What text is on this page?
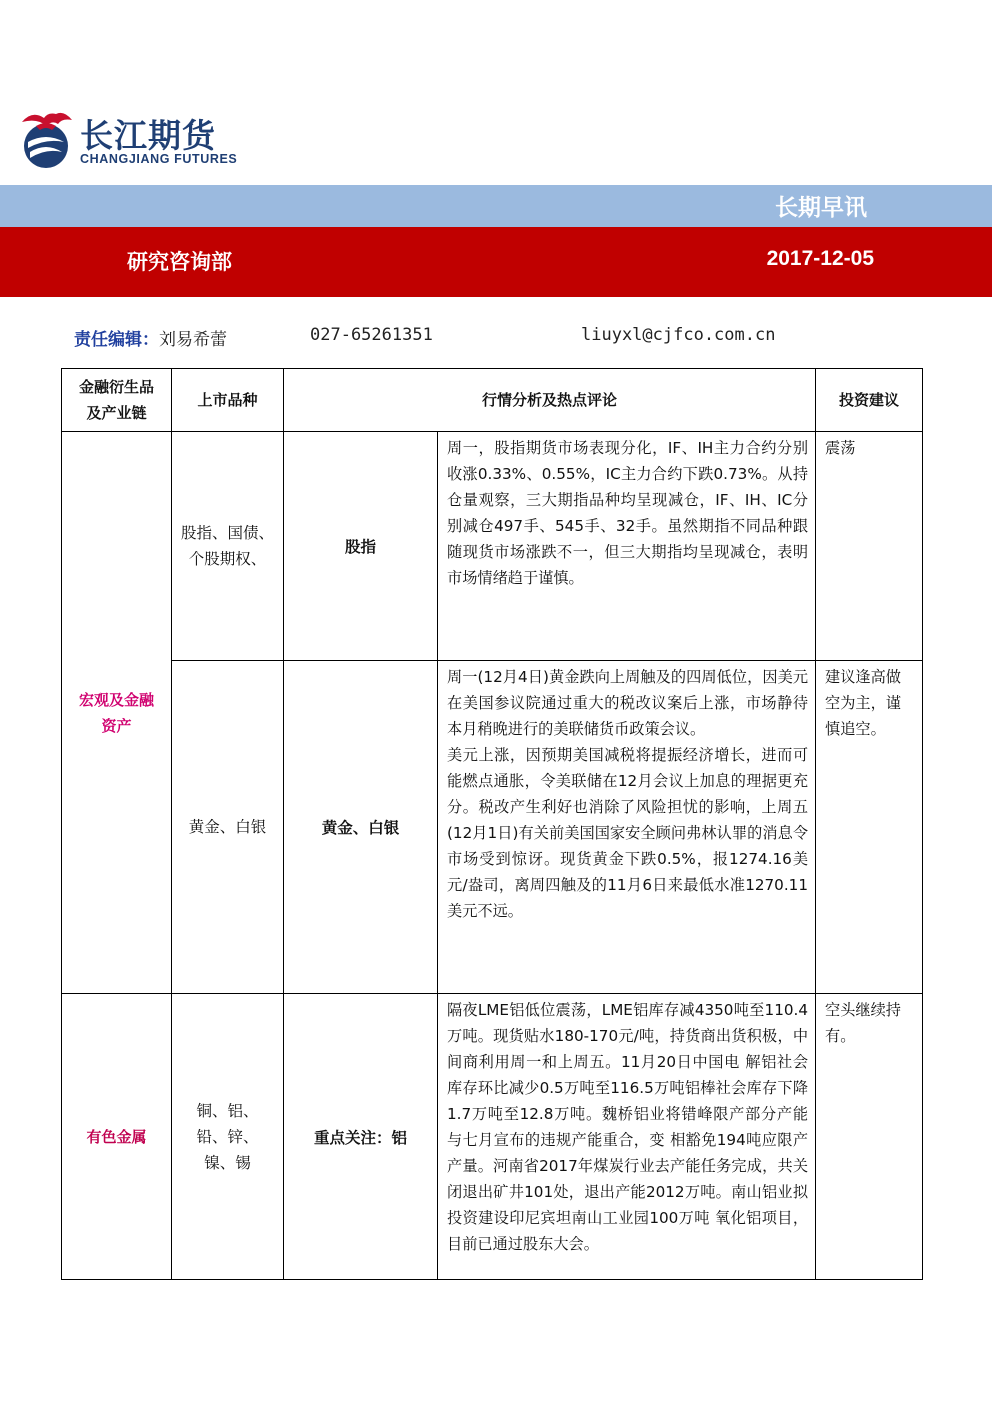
长江期货
CHANGJIANG FUTURES
长期早讯
研究咨询部	2017-12-05
责任编辑：刘易希蕾	027-65261351	liuyxl@cjfco.com.cn
金融衍生品及产业链	上市品种	行情分析及热点评论		投资建议

宏观及金融资产	股指、国债、个股期权、	股指	周一，股指期货市场表现分化，IF、IH主力合约分别收涨0.33%、0.55%，IC主力合约下跌0.73%。从持仓量观察，三大期指品种均呈现减仓，IF、IH、IC分别减仓497手、545手、32手。虽然期指不同品种跟随现货市场涨跌不一，但三大期指均呈现减仓，表明市场情绪趋于谨慎。	震荡
	黄金、白银	黄金、白银	周一(12月4日)黄金跌向上周触及的四周低位，因美元在美国参议院通过重大的税改议案后上涨，市场静待本月稍晚进行的美联储货币政策会议。

美元上涨，因预期美国减税将提振经济增长，进而可能燃点通胀，令美联储在12月会议上加息的理据更充分。税改产生利好也消除了风险担忧的影响，上周五(12月1日)有关前美国国家安全顾问弗林认罪的消息令市场受到惊讶。现货黄金下跌0.5%，报1274.16美元/盎司，离周四触及的11月6日来最低水准1270.11美元不远。	建议逢高做空为主，谨慎追空。
有色金属	铜、铝、铅、锌、镍、锡	重点关注：铝	隔夜LME铝低位震荡，LME铝库存减4350吨至110.4万吨。现货贴水180-170元/吨，持货商出货积极，中间商利用周一和上周五。11月20日中国电 解铝社会库存环比减少0.5万吨至116.5万吨铝棒社会库存下降1.7万吨至12.8万吨。魏桥铝业将错峰限产部分产能与七月宣布的违规产能重合，变 相豁免194吨应限产产量。河南省2017年煤炭行业去产能任务完成，共关闭退出矿井101处，退出产能2012万吨。南山铝业拟投资建设印尼宾坦南山工业园100万吨 氧化铝项目，目前已通过股东大会。	空头继续持有。
